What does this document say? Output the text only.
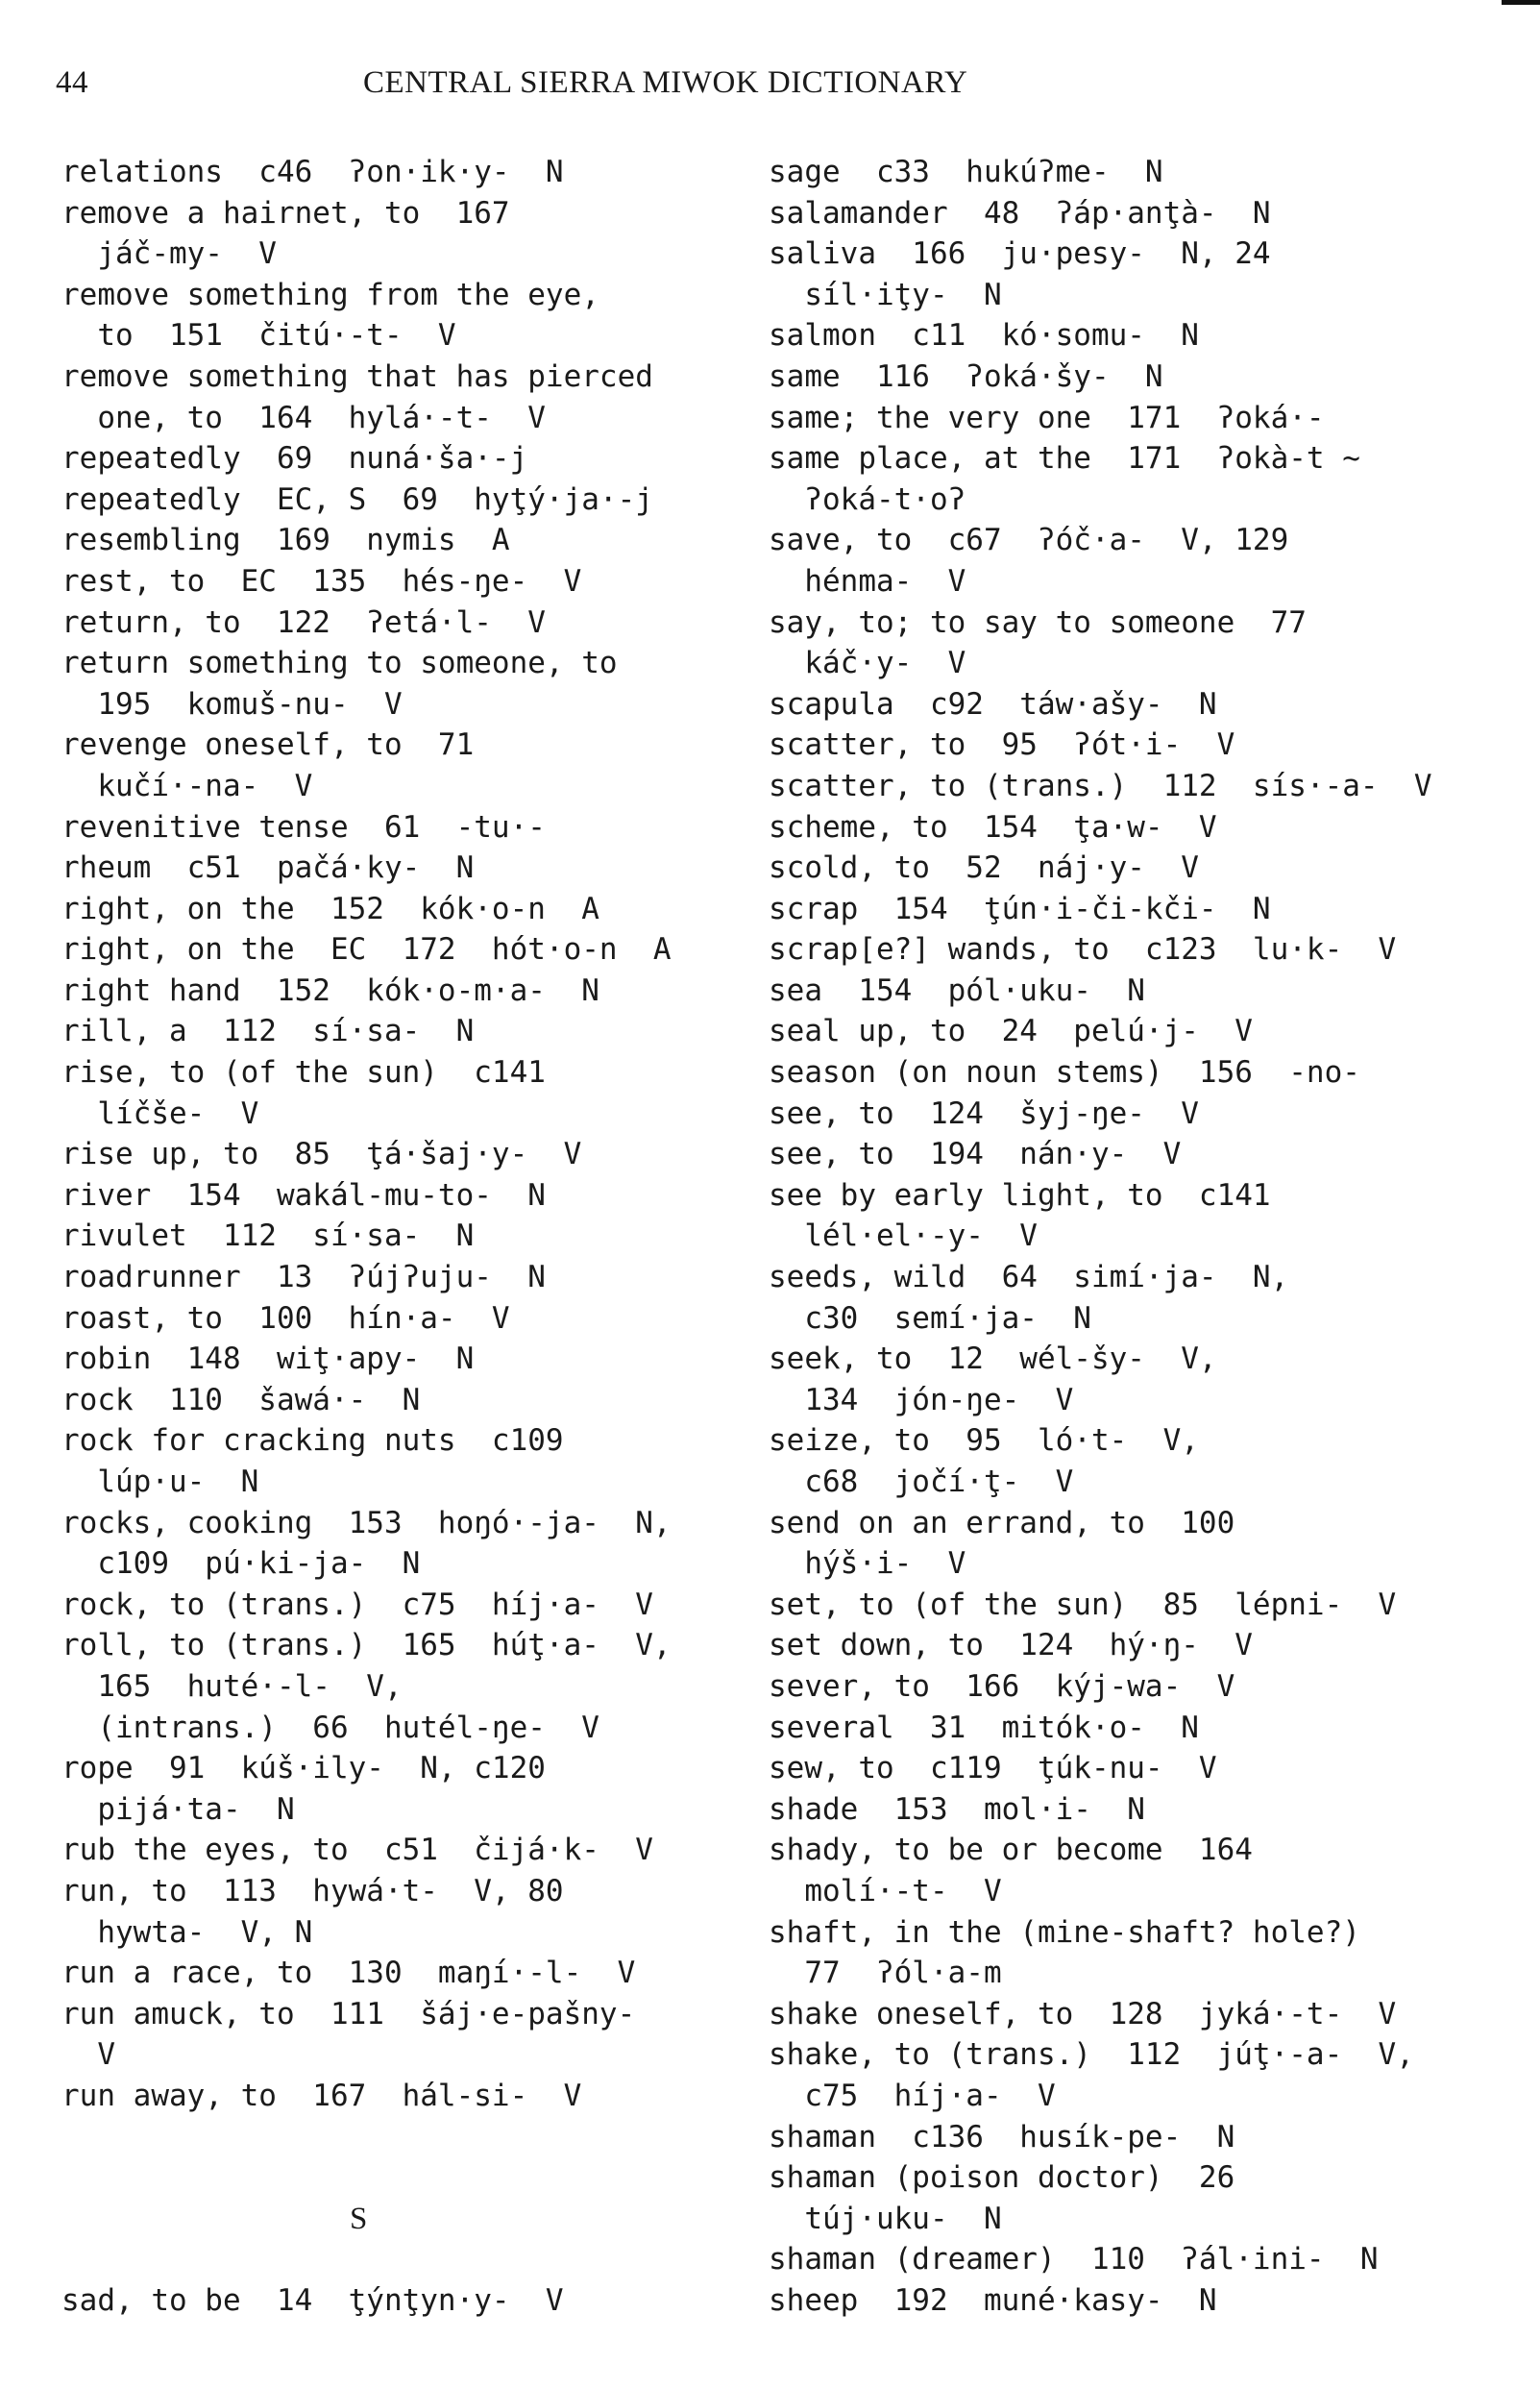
44	CENTRAL SIERRA MIWOK DICTIONARY
relations  c46  ʔon·ik·y-  N
remove a hairnet, to  167
jáč-my-  V
remove something from the eye,
to  151  čitú·-t-  V
remove something that has pierced
one, to  164  hylá·-t-  V
repeatedly  69  nuná·ša·-j
repeatedly  EC, S  69  hyţý·ja·-j
resembling  169  nymis  A
rest, to  EC  135  hés-ŋe-  V
return, to  122  ʔetá·l-  V
return something to someone, to
195  komuš-nu-  V
revenge oneself, to  71
kučí·-na-  V
revenitive tense  61  -tu·-
rheum  c51  pačá·ky-  N
right, on the  152  kók·o-n  A
right, on the  EC  172  hót·o-n  A
right hand  152  kók·o-m·a-  N
rill, a  112  sí·sa-  N
rise, to (of the sun)  c141
líčše-  V
rise up, to  85  ţá·šaj·y-  V
river  154  wakál-mu-to-  N
rivulet  112  sí·sa-  N
roadrunner  13  ʔújʔuju-  N
roast, to  100  hín·a-  V
robin  148  wiţ·apy-  N
rock  110  šawá·-  N
rock for cracking nuts  c109
lúp·u-  N
rocks, cooking  153  hoŋó·-ja-  N,
c109  pú·ki-ja-  N
rock, to (trans.)  c75  híj·a-  V
roll, to (trans.)  165  húţ·a-  V,
165  huté·-l-  V,
(intrans.)  66  hutél-ŋe-  V
rope  91  kúš·ily-  N, c120
pijá·ta-  N
rub the eyes, to  c51  čijá·k-  V
run, to  113  hywá·t-  V, 80
hywta-  V, N
run a race, to  130  maŋí·-l-  V
run amuck, to  111  šáj·e-pašny-
V
run away, to  167  hál-si-  V
S
sad, to be  14  ţýnţyn·y-  V
sage  c33  hukúʔme-  N
salamander  48  ʔáp·anţà-  N
saliva  166  ju·pesy-  N, 24
síl·iţy-  N
salmon  c11  kó·somu-  N
same  116  ʔoká·šy-  N
same; the very one  171  ʔoká·-
same place, at the  171  ʔokà-t ~
ʔoká-t·oʔ
save, to  c67  ʔóč·a-  V, 129
hénma-  V
say, to; to say to someone  77
káč·y-  V
scapula  c92  táw·ašy-  N
scatter, to  95  ʔót·i-  V
scatter, to (trans.)  112  sís·-a-  V
scheme, to  154  ţa·w-  V
scold, to  52  náj·y-  V
scrap  154  ţún·i-či-kči-  N
scrap[e?] wands, to  c123  lu·k-  V
sea  154  pól·uku-  N
seal up, to  24  pelú·j-  V
season (on noun stems)  156  -no-
see, to  124  šyj-ŋe-  V
see, to  194  nán·y-  V
see by early light, to  c141
lél·el·-y-  V
seeds, wild  64  simí·ja-  N,
c30  semí·ja-  N
seek, to  12  wél-šy-  V,
134  jón-ŋe-  V
seize, to  95  ló·t-  V,
c68  jočí·ţ-  V
send on an errand, to  100
hýš·i-  V
set, to (of the sun)  85  lépni-  V
set down, to  124  hý·ŋ-  V
sever, to  166  kýj-wa-  V
several  31  mitók·o-  N
sew, to  c119  ţúk-nu-  V
shade  153  mol·i-  N
shady, to be or become  164
molí·-t-  V
shaft, in the (mine-shaft? hole?)
77  ʔól·a-m
shake oneself, to  128  jyká·-t-  V
shake, to (trans.)  112  júţ·-a-  V,
c75  híj·a-  V
shaman  c136  husík-pe-  N
shaman (poison doctor)  26
túj·uku-  N
shaman (dreamer)  110  ʔál·ini-  N
sheep  192  muné·kasy-  N
